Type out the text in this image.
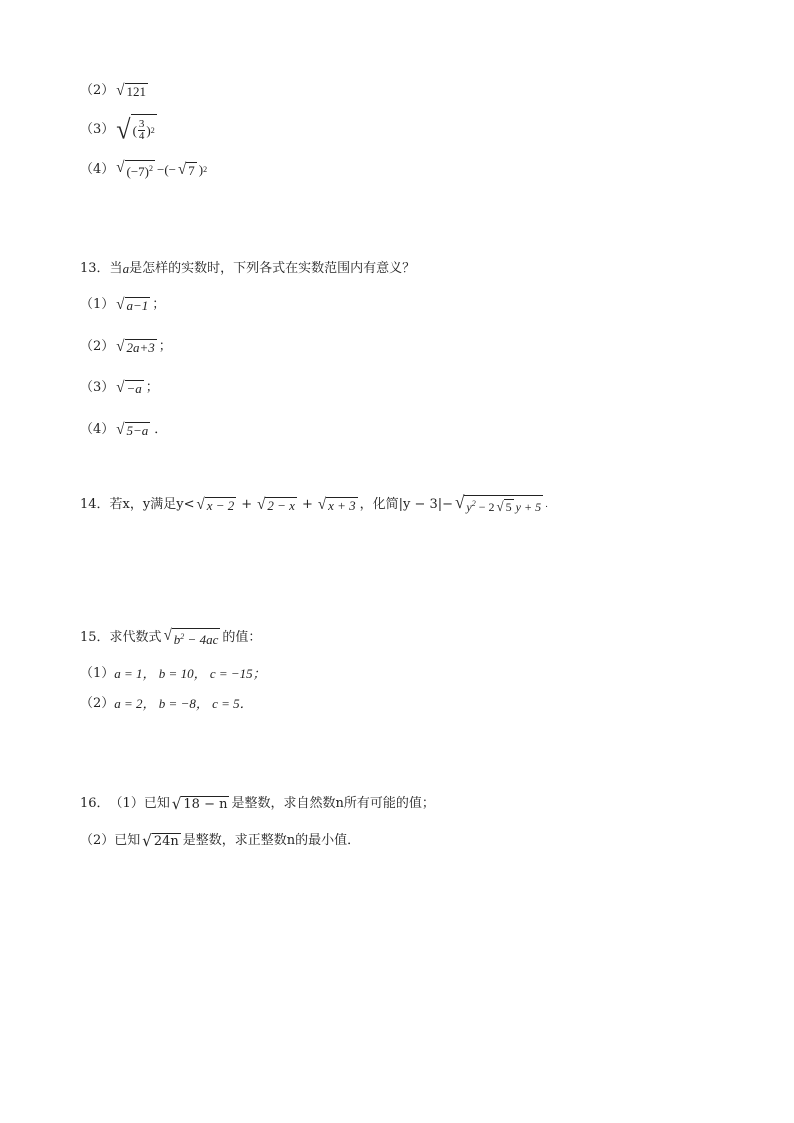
（2） √ 121
（3） √ ( $\frac{3}{4}$ ) 2
（4） √ $(-7)^2$ −(− √ 7 ) 2
13． 当 a 是怎样的实数时，下列各式在实数范围内有意义？
（1） √ a−1 ；
（2） √ 2a+3 ；
（3） √ −a ；
（4） √ 5−a ．
14． 若x，y满足y< √ x − 2 + √ 2 − x + √ x + 3 ，化简|y − 3|− √ $y^2 - 2$ √ 5 y + 5 .
15． 求代数式 √ $b^2 - 4ac$ 的值：
（1） a = 1， b = 10， c = −15；
（2） a = 2， b = −8， c = 5．
16． （1） 已知 √ 18 − n 是整数，求自然数n所有可能的值；
（2） 已知 √ 24n 是整数，求正整数n的最小值．
